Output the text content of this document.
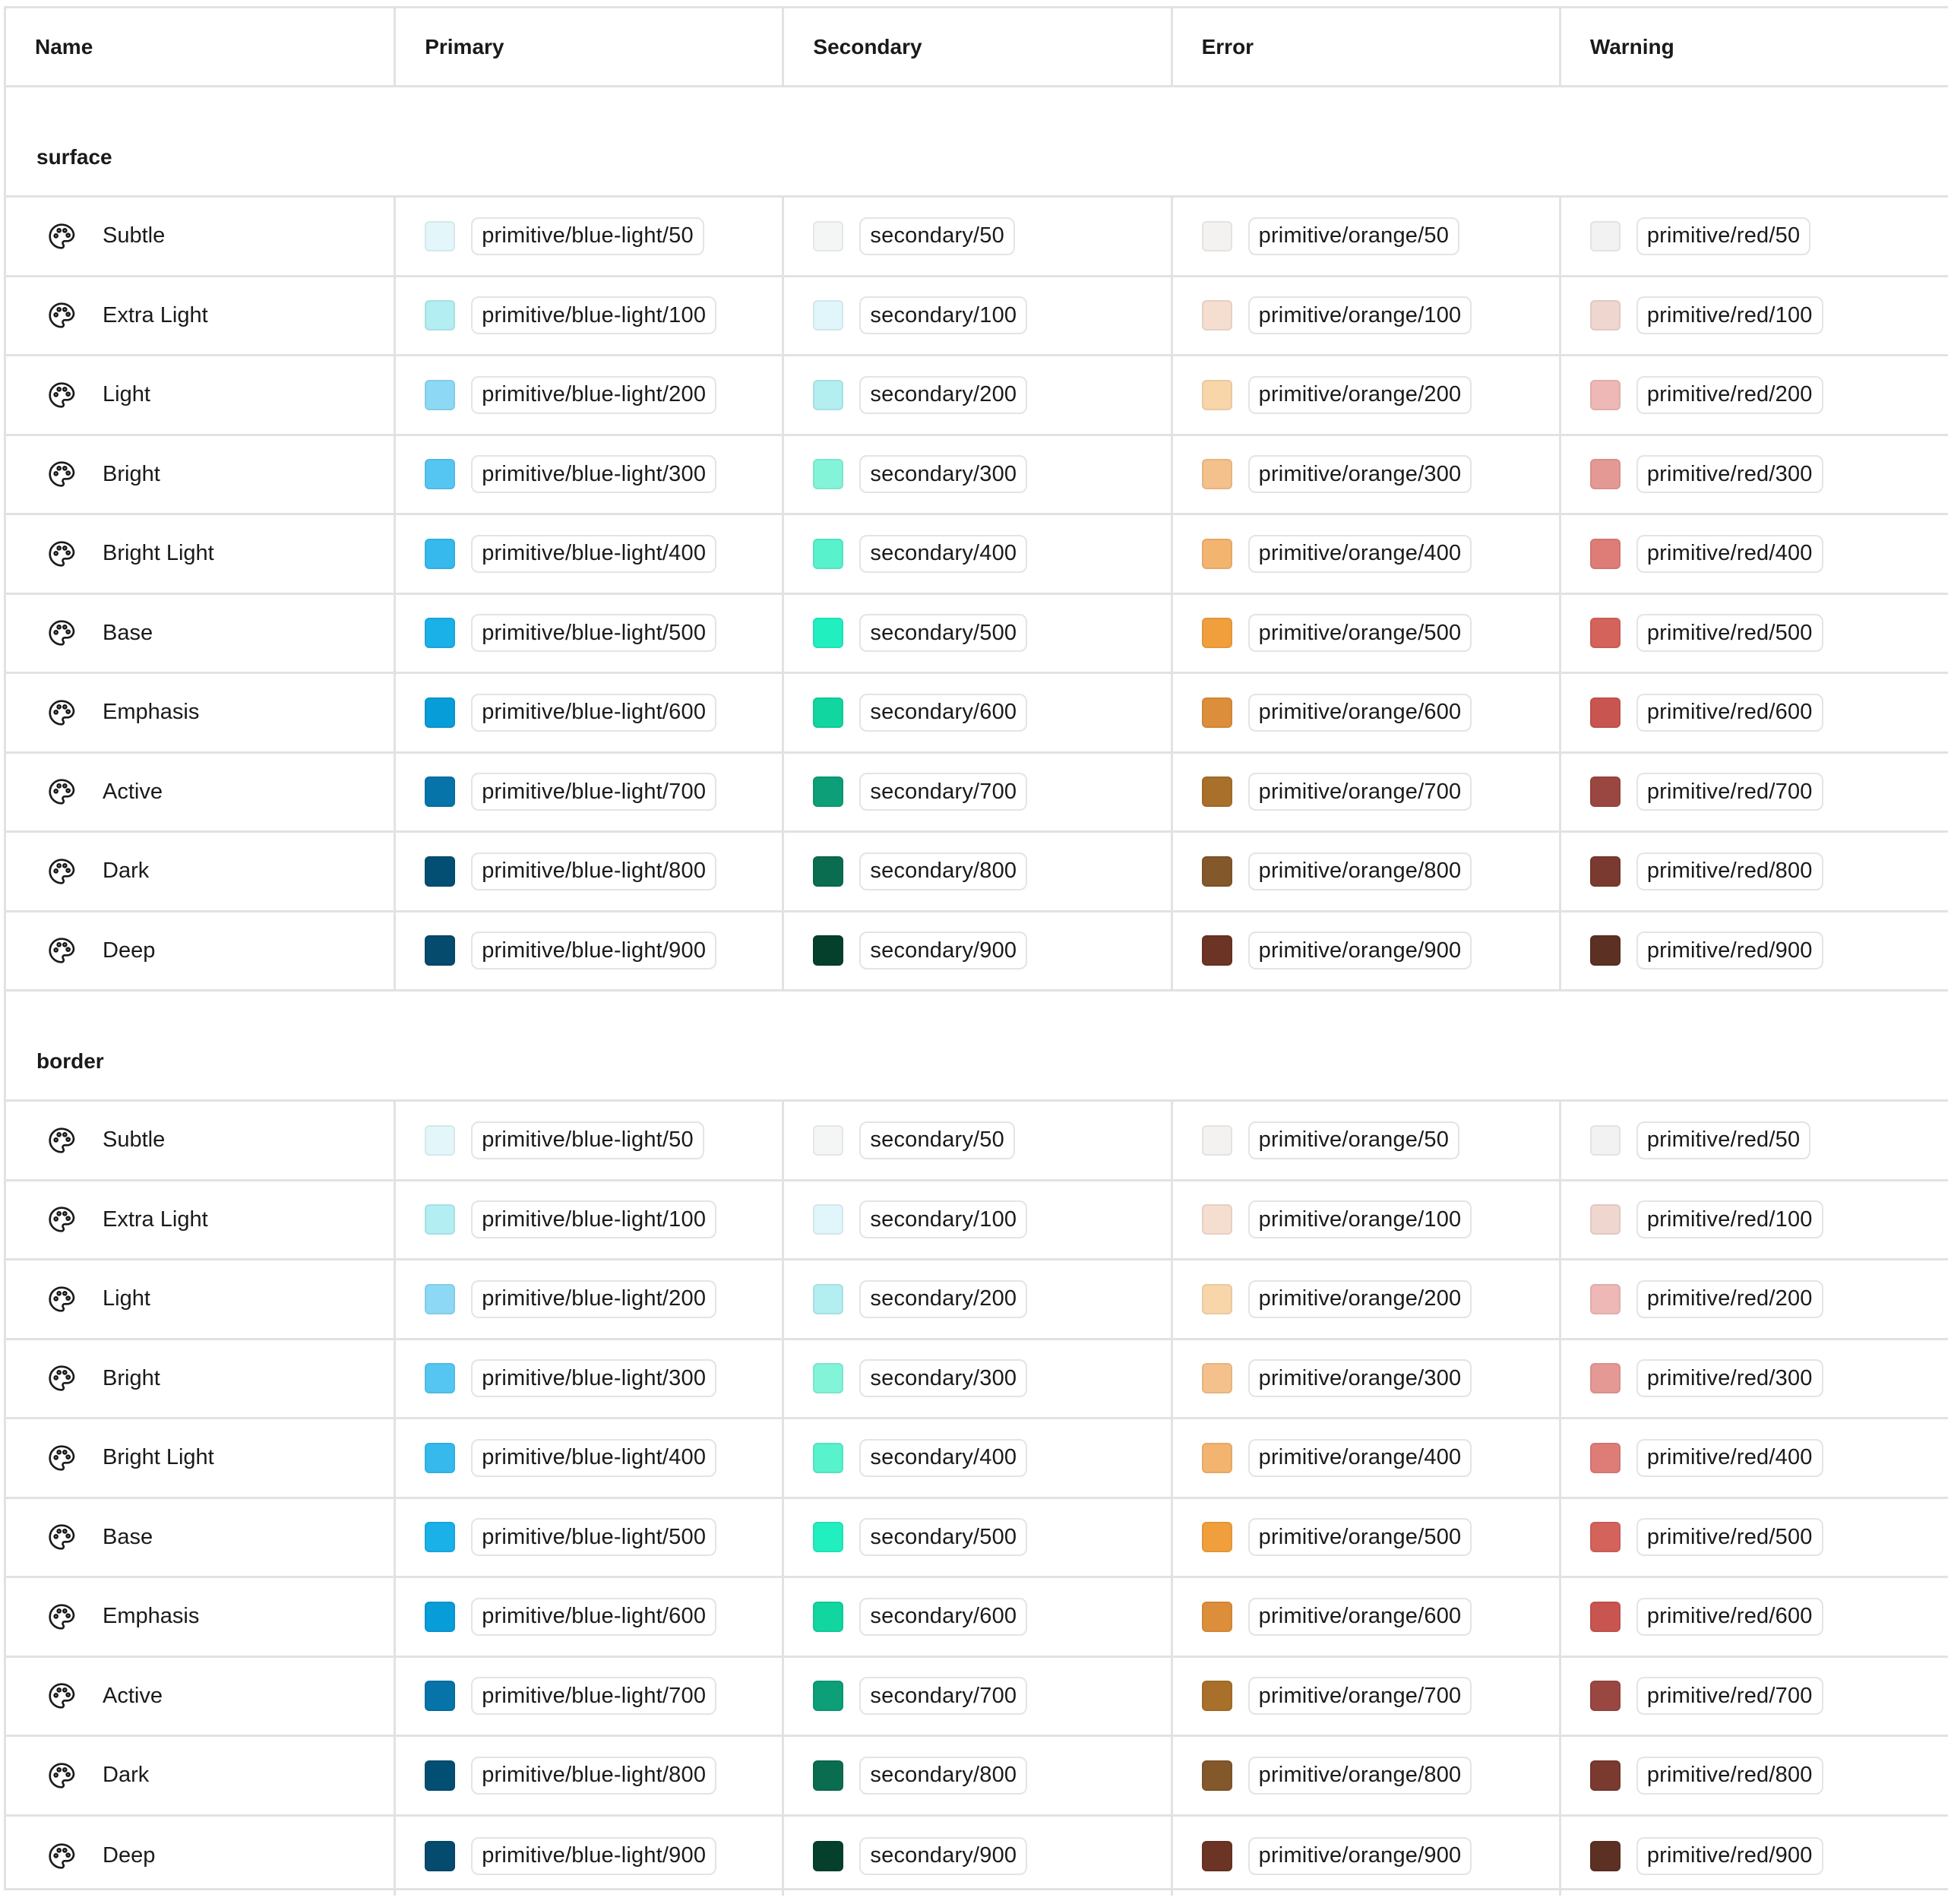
Name	Primary	Secondary	Error	Warning
surface
Subtle	primitive/blue-light/50	secondary/50	primitive/orange/50	primitive/red/50
Extra Light	primitive/blue-light/100	secondary/100	primitive/orange/100	primitive/red/100
Light	primitive/blue-light/200	secondary/200	primitive/orange/200	primitive/red/200
Bright	primitive/blue-light/300	secondary/300	primitive/orange/300	primitive/red/300
Bright Light	primitive/blue-light/400	secondary/400	primitive/orange/400	primitive/red/400
Base	primitive/blue-light/500	secondary/500	primitive/orange/500	primitive/red/500
Emphasis	primitive/blue-light/600	secondary/600	primitive/orange/600	primitive/red/600
Active	primitive/blue-light/700	secondary/700	primitive/orange/700	primitive/red/700
Dark	primitive/blue-light/800	secondary/800	primitive/orange/800	primitive/red/800
Deep	primitive/blue-light/900	secondary/900	primitive/orange/900	primitive/red/900
border
Subtle	primitive/blue-light/50	secondary/50	primitive/orange/50	primitive/red/50
Extra Light	primitive/blue-light/100	secondary/100	primitive/orange/100	primitive/red/100
Light	primitive/blue-light/200	secondary/200	primitive/orange/200	primitive/red/200
Bright	primitive/blue-light/300	secondary/300	primitive/orange/300	primitive/red/300
Bright Light	primitive/blue-light/400	secondary/400	primitive/orange/400	primitive/red/400
Base	primitive/blue-light/500	secondary/500	primitive/orange/500	primitive/red/500
Emphasis	primitive/blue-light/600	secondary/600	primitive/orange/600	primitive/red/600
Active	primitive/blue-light/700	secondary/700	primitive/orange/700	primitive/red/700
Dark	primitive/blue-light/800	secondary/800	primitive/orange/800	primitive/red/800
Deep	primitive/blue-light/900	secondary/900	primitive/orange/900	primitive/red/900
